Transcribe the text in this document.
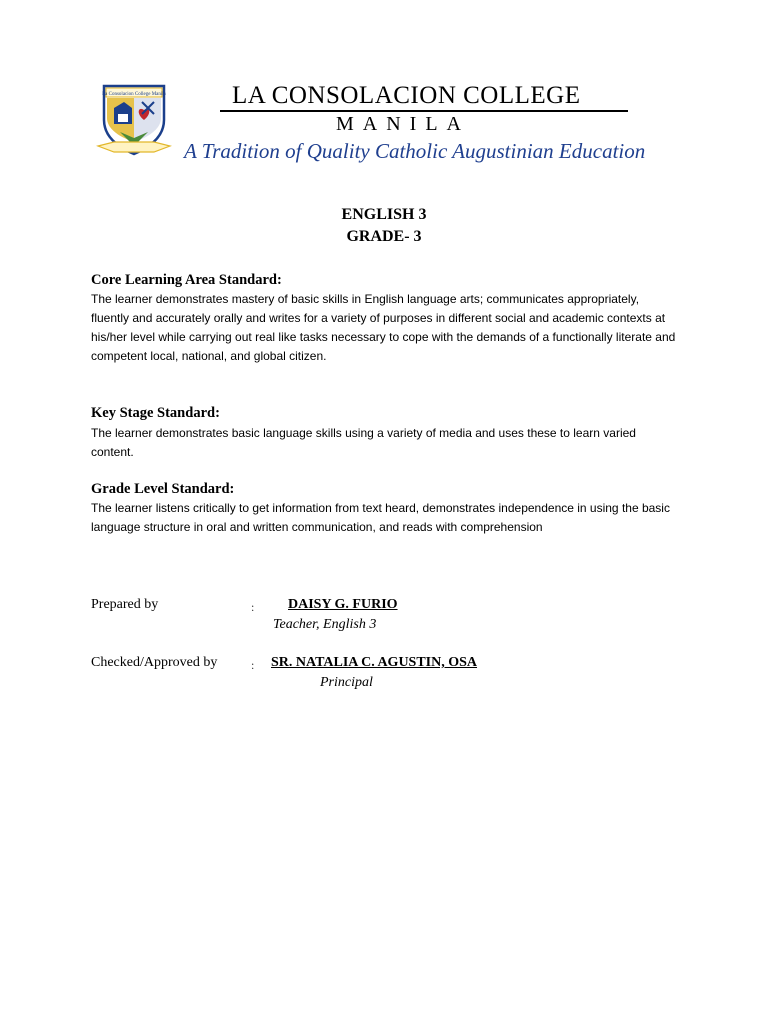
La Consolacion College Manila	LA CONSOLACION COLLEGE
MANILA
A Tradition of Quality Catholic Augustinian Education
ENGLISH 3
GRADE- 3
Core Learning Area Standard:
The learner demonstrates mastery of basic skills in English language arts; communicates appropriately, fluently and accurately orally and writes for a variety of purposes in different social and academic contexts at his/her level while carrying out real like tasks necessary to cope with the demands of a functionally literate and competent local, national, and global citizen.
Key Stage Standard:
The learner demonstrates basic language skills using a variety of media and uses these to learn varied content.
Grade Level Standard:
The learner listens critically to get information from text heard, demonstrates independence in using the basic language structure in oral and written communication, and reads with comprehension
Prepared by	: DAISY G. FURIO
Teacher, English 3
Checked/Approved by	: SR. NATALIA C. AGUSTIN, OSA
Principal
